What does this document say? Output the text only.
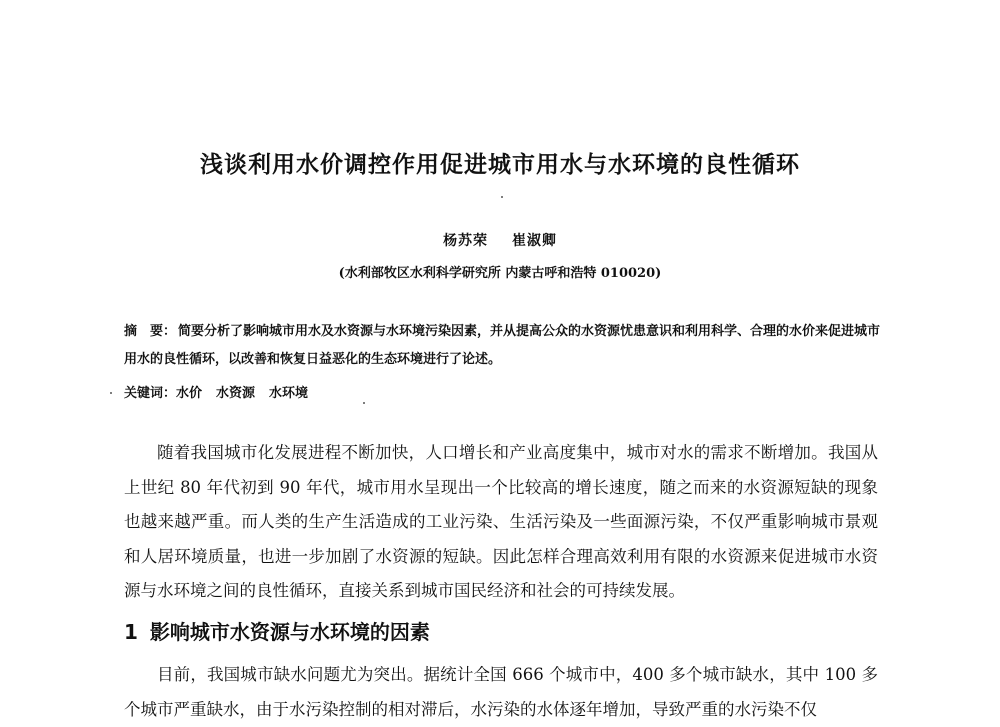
浅谈利用水价调控作用促进城市用水与水环境的良性循环
杨苏荣 崔淑卿
(水利部牧区水利科学研究所 内蒙古呼和浩特 010020)

摘　要： 简要分析了影响城市用水及水资源与水环境污染因素，并从提高公众的水资源忧患意识和利用科学、合理的水价来促进城市用水的良性循环，以改善和恢复日益恶化的生态环境进行了论述。

关键词：水价 水资源 水环境

随着我国城市化发展进程不断加快，人口增长和产业高度集中，城市对水的需求不断增加。我国从上世纪 80 年代初到 90 年代，城市用水呈现出一个比较高的增长速度，随之而来的水资源短缺的现象也越来越严重。而人类的生产生活造成的工业污染、生活污染及一些面源污染，不仅严重影响城市景观和人居环境质量，也进一步加剧了水资源的短缺。因此怎样合理高效利用有限的水资源来促进城市水资源与水环境之间的良性循环，直接关系到城市国民经济和社会的可持续发展。

1 影响城市水资源与水环境的因素

目前，我国城市缺水问题尤为突出。据统计全国 666 个城市中，400 多个城市缺水，其中 100 多个城市严重缺水，由于水污染控制的相对滞后，水污染的水体逐年增加，导致严重的水污染不仅
